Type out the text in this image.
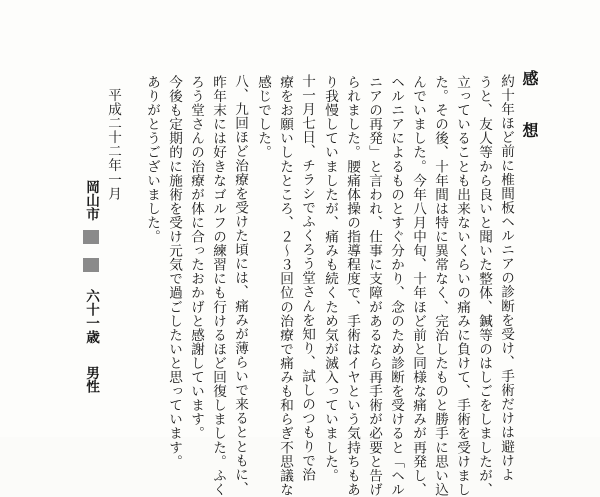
感　想
約十年ほど前に椎間板ヘルニアの診断を受け、手術だけは避けよ
うと、友人等から良いと聞いた整体、鍼等のはしごをしましたが、
立っていることも出来ないくらいの痛みに負けて、手術を受けまし
た。その後、十年間は特に異常なく、完治したものと勝手に思い込
んでいました。今年八月中旬、十年ほど前と同様な痛みが再発し、
ヘルニアによるものとすぐ分かり、念のため診断を受けると「ヘル
ニアの再発」と言われ、仕事に支障があるなら再手術が必要と告げ
られました。腰痛体操の指導程度で、手術はイヤという気持ちもあ
り我慢していましたが、痛みも続くため気が滅入っていました。
十一月七日、チラシでふくろう堂さんを知り、試しのつもりで治
療をお願いしたところ、２～３回位の治療で痛みも和らぎ不思議な
感じでした。
八、九回ほど治療を受けた頃には、痛みが薄らいで来るとともに、
昨年末には好きなゴルフの練習にも行けるほど回復しました。ふく
ろう堂さんの治療が体に合ったおかげと感謝しています。
今後も定期的に施術を受け元気で過ごしたいと思っています。
ありがとうございました。
平成二十二年一月
岡山市
六十一歳
男性
